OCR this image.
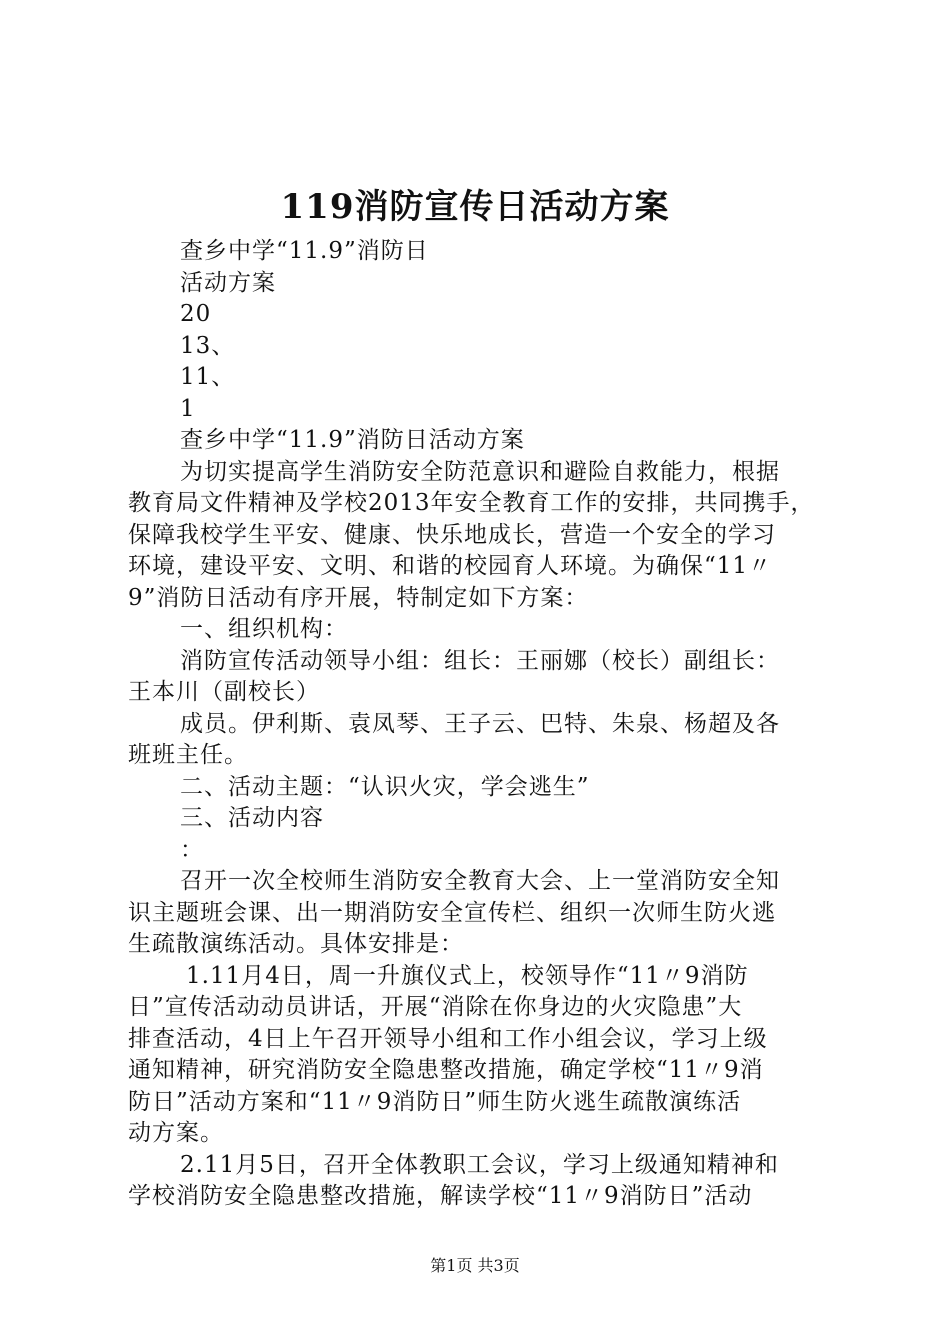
119消防宣传日活动方案
查乡中学“11.9”消防日
活动方案
20
13、
11、
1
查乡中学“11.9”消防日活动方案
为切实提高学生消防安全防范意识和避险自救能力，根据
教育局文件精神及学校2013年安全教育工作的安排，共同携手，
保障我校学生平安、健康、快乐地成长，营造一个安全的学习
环境，建设平安、文明、和谐的校园育人环境。为确保“11〃
9”消防日活动有序开展，特制定如下方案：
一、组织机构：
消防宣传活动领导小组：组长：王丽娜（校长）副组长：
王本川（副校长）
成员。伊利斯、袁凤琴、王子云、巴特、朱泉、杨超及各
班班主任。
二、活动主题：“认识火灾，学会逃生”
三、活动内容
：
召开一次全校师生消防安全教育大会、上一堂消防安全知
识主题班会课、出一期消防安全宣传栏、组织一次师生防火逃
生疏散演练活动。具体安排是：
1.11月4日，周一升旗仪式上，校领导作“11〃9消防
日”宣传活动动员讲话，开展“消除在你身边的火灾隐患”大
排查活动，4日上午召开领导小组和工作小组会议，学习上级
通知精神，研究消防安全隐患整改措施，确定学校“11〃9消
防日”活动方案和“11〃9消防日”师生防火逃生疏散演练活
动方案。
2.11月5日，召开全体教职工会议，学习上级通知精神和
学校消防安全隐患整改措施，解读学校“11〃9消防日”活动
第1页 共3页
